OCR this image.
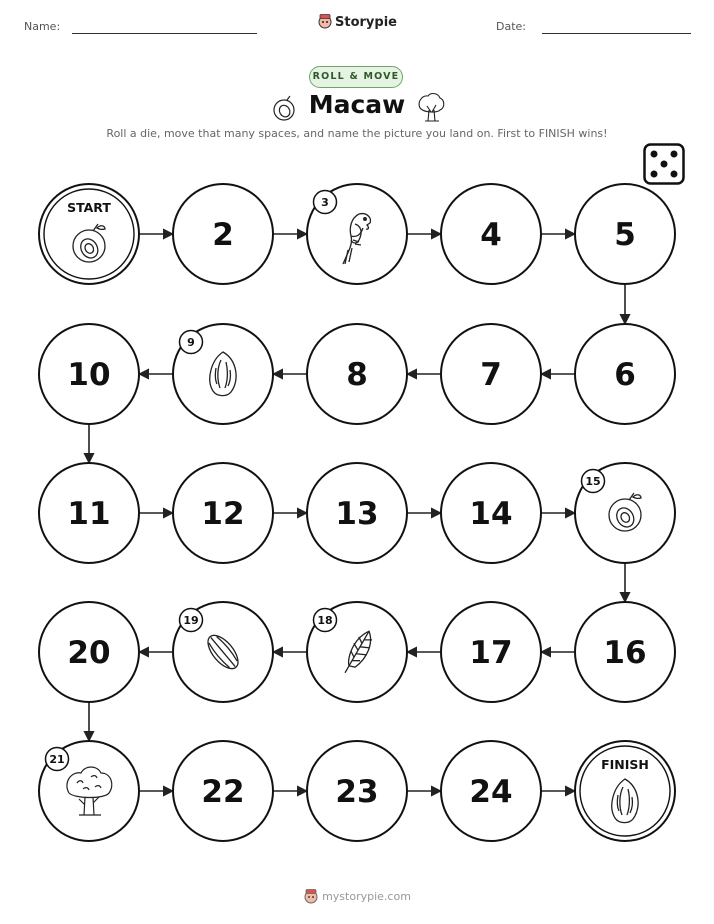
Name:	Storypie	Date:
ROLL & MOVE
Macaw
Roll a die, move that many spaces, and name the picture you land on. First to FINISH wins!
START
2
3
4	5
6
7
8
9
10
11	12	13	14
15
16
17
18
19
20
21
22	23	24
FINISH
mystorypie.com
